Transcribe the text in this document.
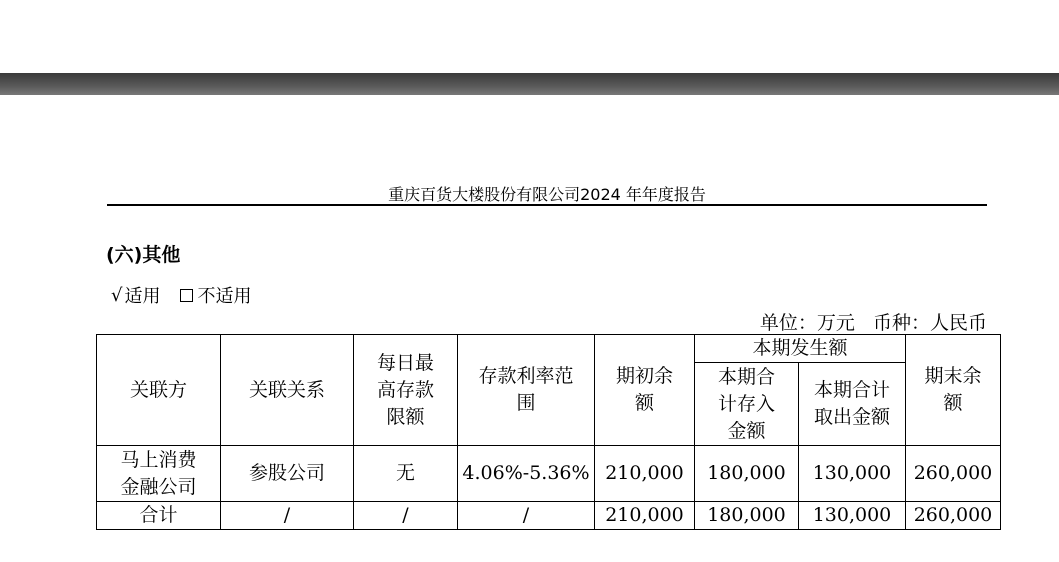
重庆百货大楼股份有限公司2024 年年度报告
(六)其他
√ 适用 不适用
单位：万元   币种：人民币
关联方	关联关系	每日最高存款限额	存款利率范围	期初余额	本期发生额		期末余额
					本期合计存入金额	本期合计取出金额	
马上消费金融公司	参股公司	无	4.06%-5.36%	210,000	180,000	130,000	260,000
合计	/	/	/	210,000	180,000	130,000	260,000
